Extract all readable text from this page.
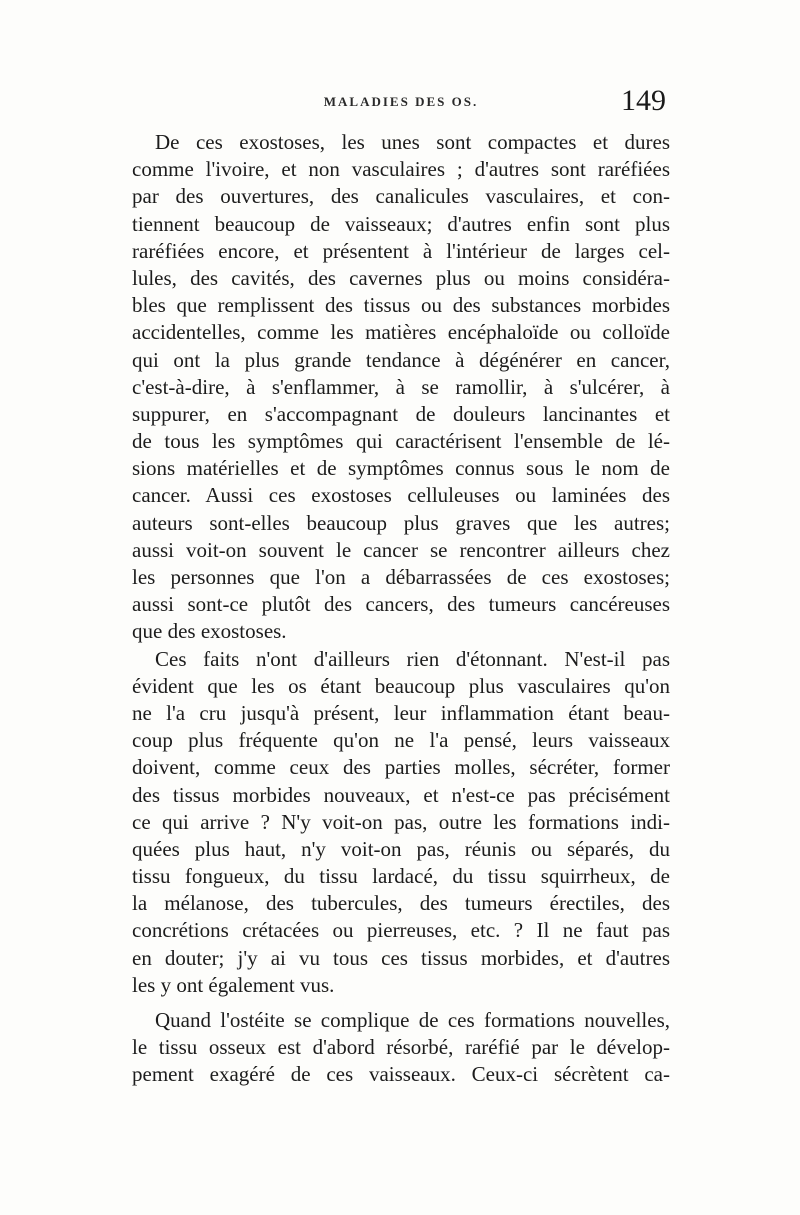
MALADIES DES OS.	149
De ces exostoses, les unes sont compactes et dures
comme l'ivoire, et non vasculaires ; d'autres sont raréfiées
par des ouvertures, des canalicules vasculaires, et con-
tiennent beaucoup de vaisseaux; d'autres enfin sont plus
raréfiées encore, et présentent à l'intérieur de larges cel-
lules, des cavités, des cavernes plus ou moins considéra-
bles que remplissent des tissus ou des substances morbides
accidentelles, comme les matières encéphaloïde ou colloïde
qui ont la plus grande tendance à dégénérer en cancer,
c'est-à-dire, à s'enflammer, à se ramollir, à s'ulcérer, à
suppurer, en s'accompagnant de douleurs lancinantes et
de tous les symptômes qui caractérisent l'ensemble de lé-
sions matérielles et de symptômes connus sous le nom de
cancer. Aussi ces exostoses celluleuses ou laminées des
auteurs sont-elles beaucoup plus graves que les autres;
aussi voit-on souvent le cancer se rencontrer ailleurs chez
les personnes que l'on a débarrassées de ces exostoses;
aussi sont-ce plutôt des cancers, des tumeurs cancéreuses
que des exostoses.
Ces faits n'ont d'ailleurs rien d'étonnant. N'est-il pas
évident que les os étant beaucoup plus vasculaires qu'on
ne l'a cru jusqu'à présent, leur inflammation étant beau-
coup plus fréquente qu'on ne l'a pensé, leurs vaisseaux
doivent, comme ceux des parties molles, sécréter, former
des tissus morbides nouveaux, et n'est-ce pas précisément
ce qui arrive ? N'y voit-on pas, outre les formations indi-
quées plus haut, n'y voit-on pas, réunis ou séparés, du
tissu fongueux, du tissu lardacé, du tissu squirrheux, de
la mélanose, des tubercules, des tumeurs érectiles, des
concrétions crétacées ou pierreuses, etc. ? Il ne faut pas
en douter; j'y ai vu tous ces tissus morbides, et d'autres
les y ont également vus.
Quand l'ostéite se complique de ces formations nouvelles,
le tissu osseux est d'abord résorbé, raréfié par le dévelop-
pement exagéré de ces vaisseaux. Ceux-ci sécrètent ca-
